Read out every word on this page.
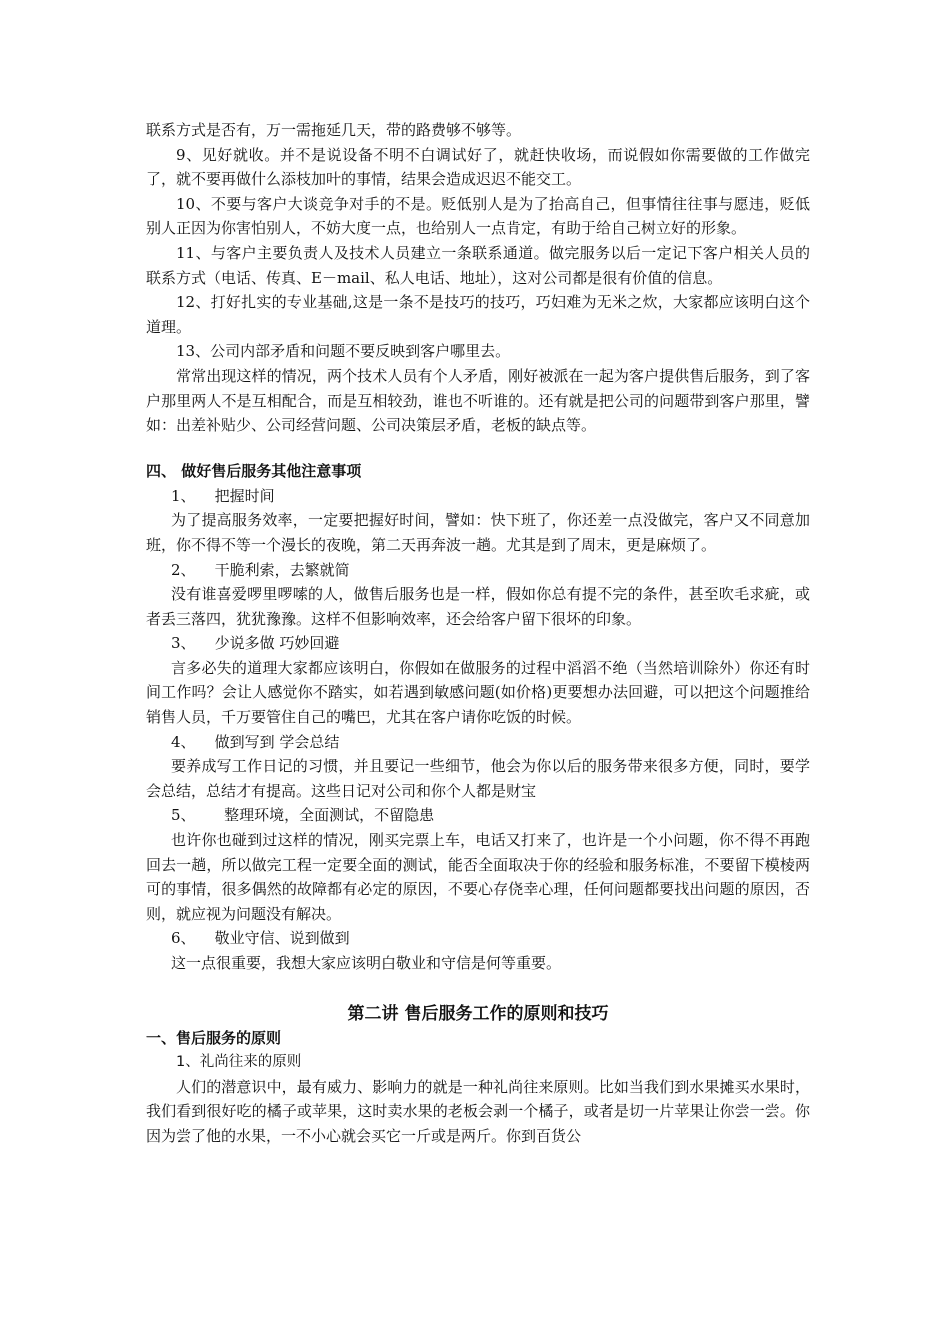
联系方式是否有，万一需拖延几天，带的路费够不够等。

9、见好就收。并不是说设备不明不白调试好了，就赶快收场，而说假如你需要做的工作做完了，就不要再做什么添枝加叶的事情，结果会造成迟迟不能交工。

10、不要与客户大谈竞争对手的不是。贬低别人是为了抬高自己，但事情往往事与愿违，贬低别人正因为你害怕别人，不妨大度一点，也给别人一点肯定，有助于给自己树立好的形象。

11、与客户主要负责人及技术人员建立一条联系通道。做完服务以后一定记下客户相关人员的联系方式（电话、传真、E－mail、私人电话、地址），这对公司都是很有价值的信息。

12、打好扎实的专业基础,这是一条不是技巧的技巧，巧妇难为无米之炊，大家都应该明白这个道理。

13、公司内部矛盾和问题不要反映到客户哪里去。

常常出现这样的情况，两个技术人员有个人矛盾，刚好被派在一起为客户提供售后服务，到了客户那里两人不是互相配合，而是互相较劲，谁也不听谁的。还有就是把公司的问题带到客户那里，譬如：出差补贴少、公司经营问题、公司决策层矛盾，老板的缺点等。

四、 做好售后服务其他注意事项

1、    把握时间

为了提高服务效率，一定要把握好时间，譬如：快下班了，你还差一点没做完，客户又不同意加班，你不得不等一个漫长的夜晚，第二天再奔波一趟。尤其是到了周末，更是麻烦了。

2、    干脆利索，去繁就简

没有谁喜爱啰里啰嗦的人，做售后服务也是一样，假如你总有提不完的条件，甚至吹毛求疵，或者丢三落四，犹犹豫豫。这样不但影响效率，还会给客户留下很坏的印象。

3、    少说多做 巧妙回避

言多必失的道理大家都应该明白，你假如在做服务的过程中滔滔不绝（当然培训除外）你还有时间工作吗？会让人感觉你不踏实，如若遇到敏感问题(如价格)更要想办法回避，可以把这个问题推给销售人员，千万要管住自己的嘴巴，尤其在客户请你吃饭的时候。

4、    做到写到 学会总结

要养成写工作日记的习惯，并且要记一些细节，他会为你以后的服务带来很多方便，同时，要学会总结，总结才有提高。这些日记对公司和你个人都是财宝

5、      整理环境，全面测试，不留隐患

也许你也碰到过这样的情况，刚买完票上车，电话又打来了，也许是一个小问题，你不得不再跑回去一趟，所以做完工程一定要全面的测试，能否全面取决于你的经验和服务标准，不要留下模棱两可的事情，很多偶然的故障都有必定的原因，不要心存侥幸心理，任何问题都要找出问题的原因，否则，就应视为问题没有解决。

6、    敬业守信、说到做到

这一点很重要，我想大家应该明白敬业和守信是何等重要。

第二讲 售后服务工作的原则和技巧
一、售后服务的原则

1、礼尚往来的原则

人们的潜意识中，最有威力、影响力的就是一种礼尚往来原则。比如当我们到水果摊买水果时，我们看到很好吃的橘子或苹果，这时卖水果的老板会剥一个橘子，或者是切一片苹果让你尝一尝。你因为尝了他的水果，一不小心就会买它一斤或是两斤。你到百货公
